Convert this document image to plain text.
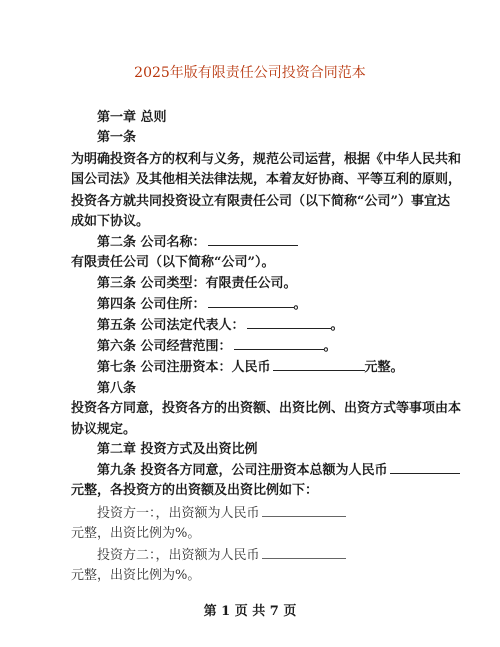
2025年版有限责任公司投资合同范本
第一章 总则
第一条
为明确投资各方的权利与义务，规范公司运营，根据《中华人民共和
国公司法》及其他相关法律法规，本着友好协商、平等互利的原则，
投资各方就共同投资设立有限责任公司（以下简称“公司”）事宜达
成如下协议。
第二条 公司名称：
有限责任公司（以下简称“公司”）。
第三条 公司类型：有限责任公司。
第四条 公司住所：	。
第五条 公司法定代表人：	。
第六条 公司经营范围：	。
第七条 公司注册资本：人民币	元整。
第八条
投资各方同意，投资各方的出资额、出资比例、出资方式等事项由本
协议规定。
第二章 投资方式及出资比例
第九条 投资各方同意，公司注册资本总额为人民币
元整，各投资方的出资额及出资比例如下：
投资方一：，出资额为人民币
元整，出资比例为%。
投资方二：，出资额为人民币
元整，出资比例为%。
第 1 页 共 7 页
